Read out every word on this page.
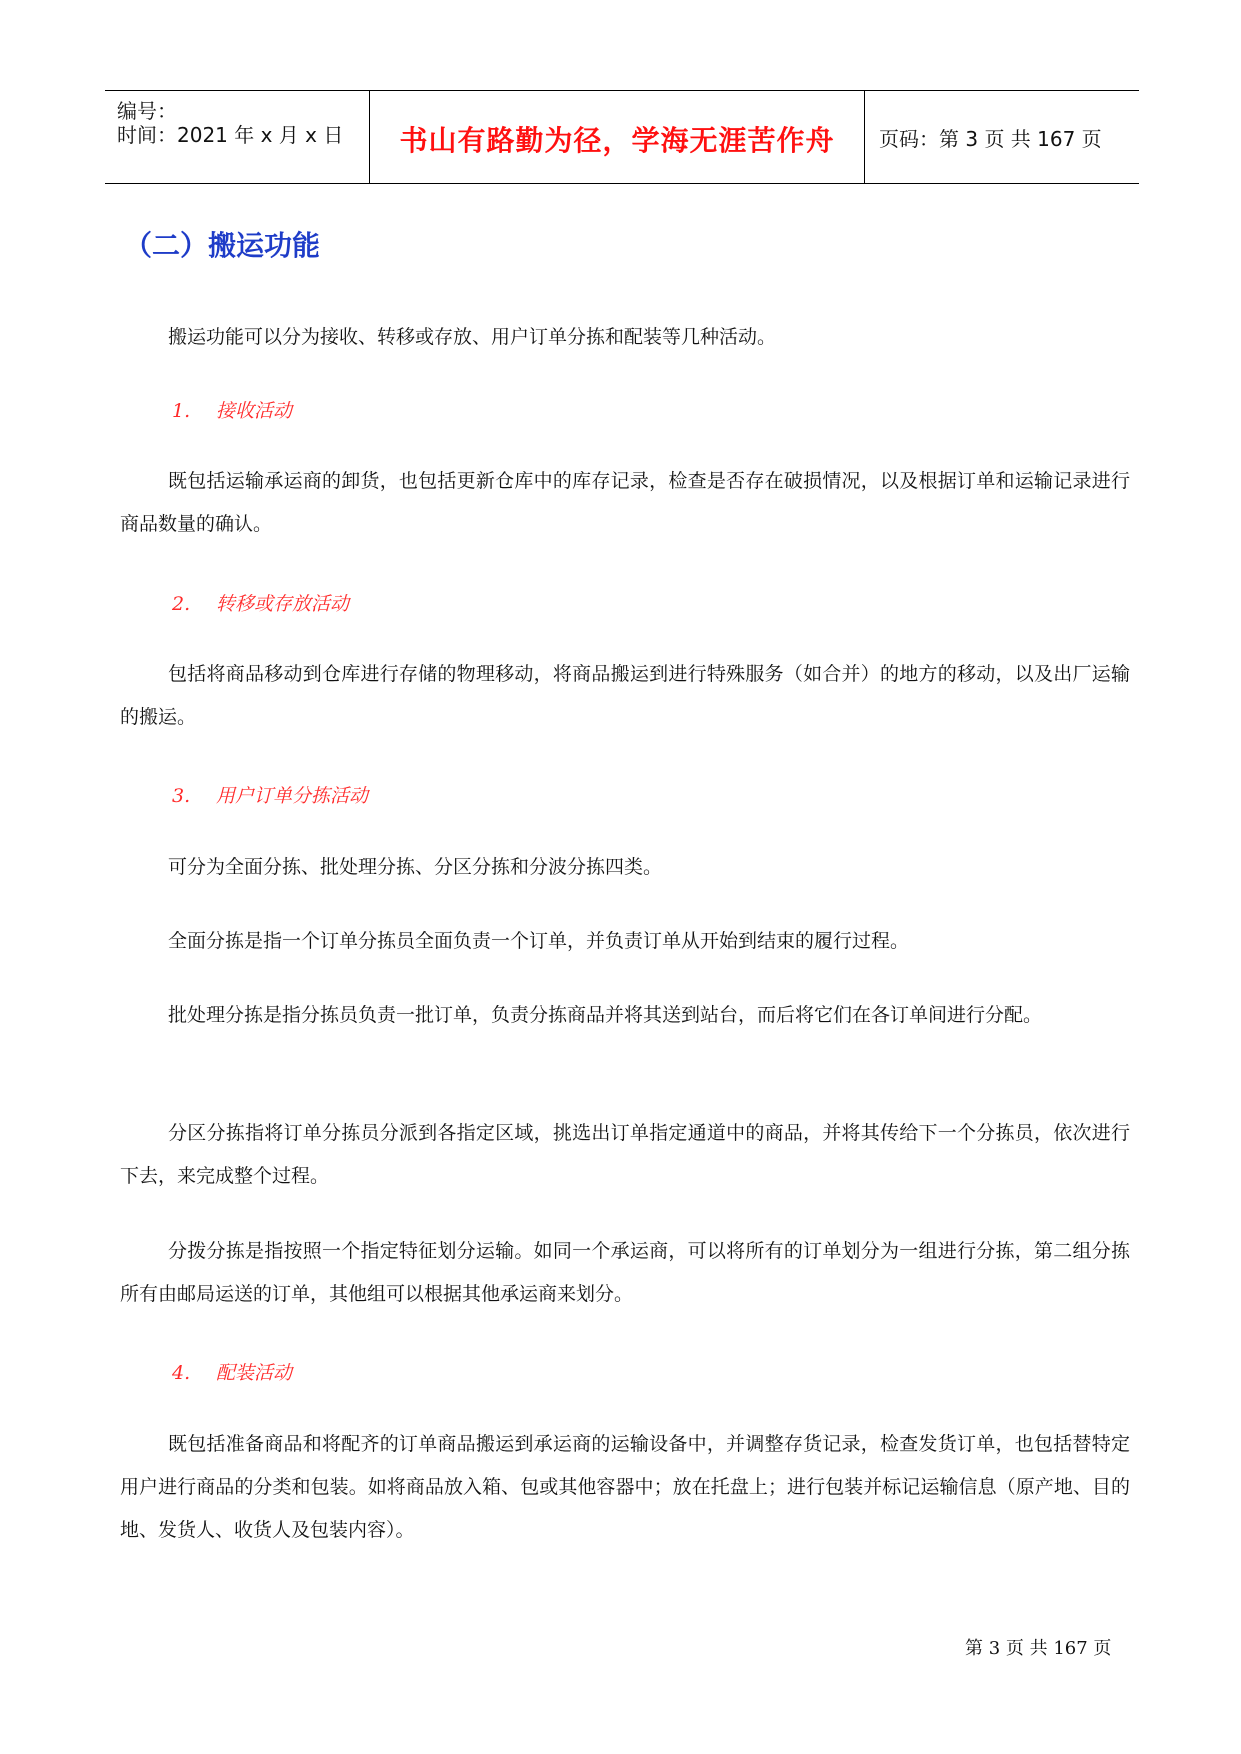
编号：
时间：2021 年 x 月 x 日	书山有路勤为径，学海无涯苦作舟	页码：第 3 页 共 167 页
（二）搬运功能
搬运功能可以分为接收、转移或存放、用户订单分拣和配装等几种活动。
1. 接收活动
既包括运输承运商的卸货，也包括更新仓库中的库存记录，检查是否存在破损情况，以及根据订单和运输记录进行商品数量的确认。
2. 转移或存放活动
包括将商品移动到仓库进行存储的物理移动，将商品搬运到进行特殊服务（如合并）的地方的移动，以及出厂运输的搬运。
3. 用户订单分拣活动
可分为全面分拣、批处理分拣、分区分拣和分波分拣四类。
全面分拣是指一个订单分拣员全面负责一个订单，并负责订单从开始到结束的履行过程。
批处理分拣是指分拣员负责一批订单，负责分拣商品并将其送到站台，而后将它们在各订单间进行分配。
分区分拣指将订单分拣员分派到各指定区域，挑选出订单指定通道中的商品，并将其传给下一个分拣员，依次进行下去，来完成整个过程。
分拨分拣是指按照一个指定特征划分运输。如同一个承运商，可以将所有的订单划分为一组进行分拣，第二组分拣所有由邮局运送的订单，其他组可以根据其他承运商来划分。
4. 配装活动
既包括准备商品和将配齐的订单商品搬运到承运商的运输设备中，并调整存货记录，检查发货订单，也包括替特定用户进行商品的分类和包装。如将商品放入箱、包或其他容器中；放在托盘上；进行包装并标记运输信息（原产地、目的地、发货人、收货人及包装内容）。
第 3 页 共 167 页
